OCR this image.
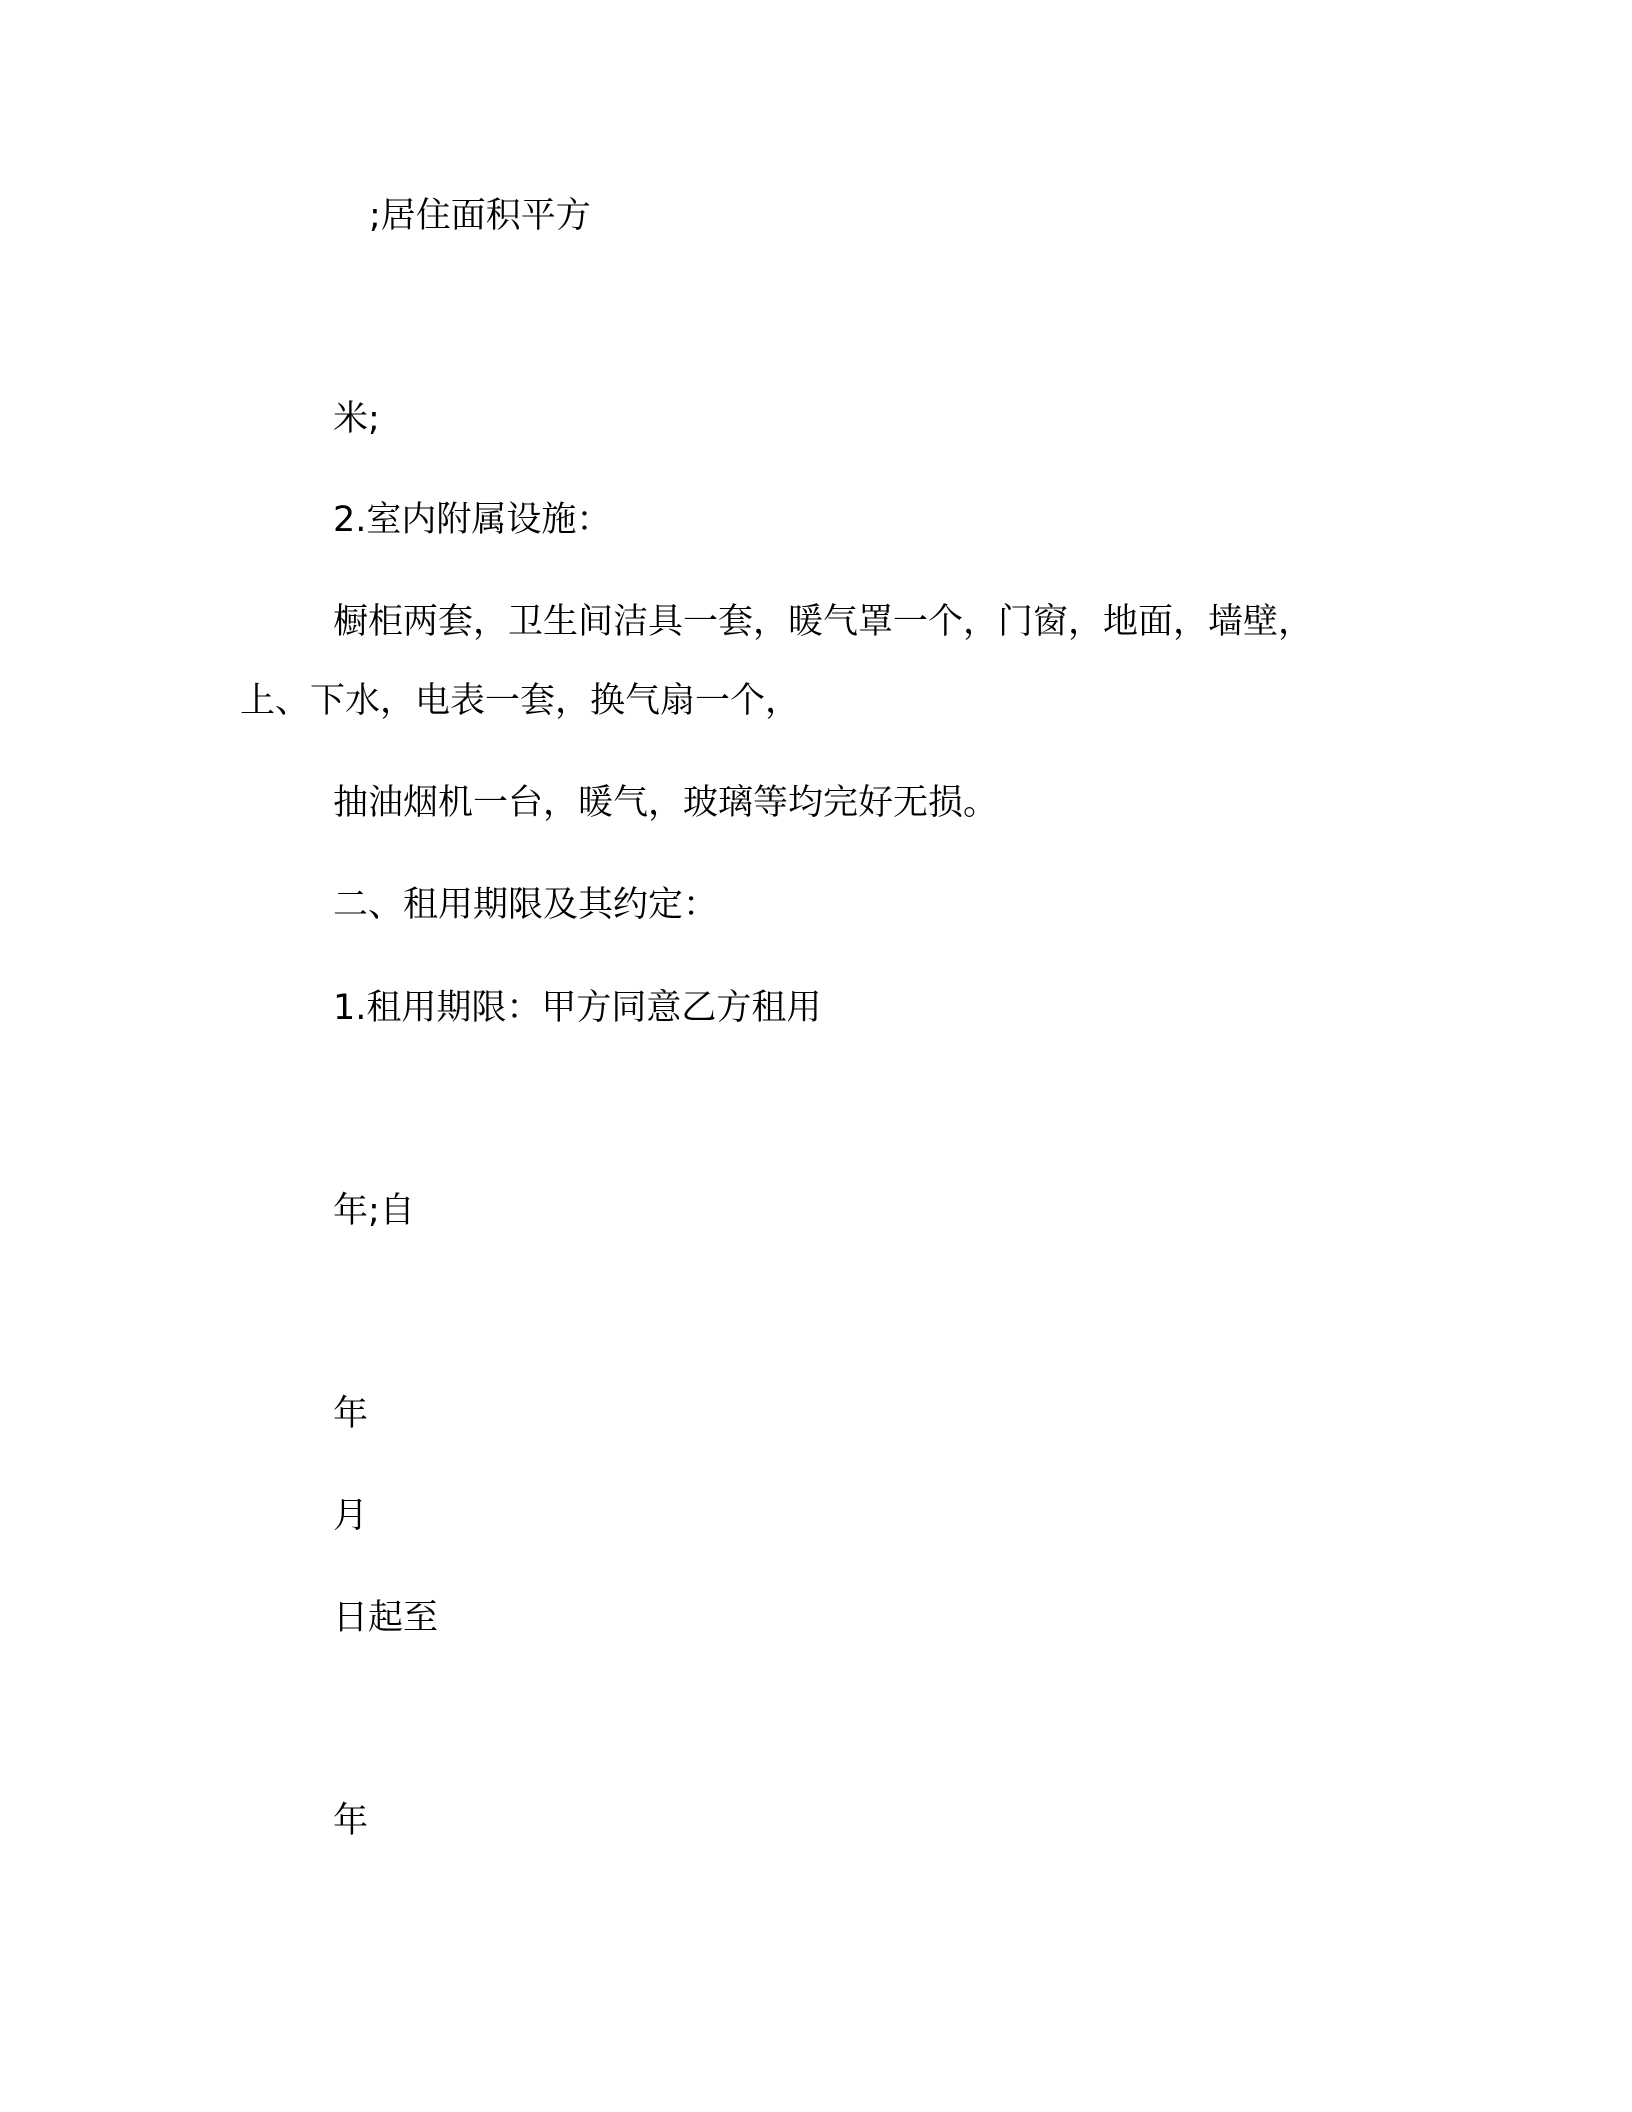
;居住面积平方
米;
2.室内附属设施：
橱柜两套，卫生间洁具一套，暖气罩一个，门窗，地面，墙壁，
上、下水，电表一套，换气扇一个，
抽油烟机一台，暖气，玻璃等均完好无损。
二、租用期限及其约定：
1.租用期限：甲方同意乙方租用
年;自
年
月
日起至
年
